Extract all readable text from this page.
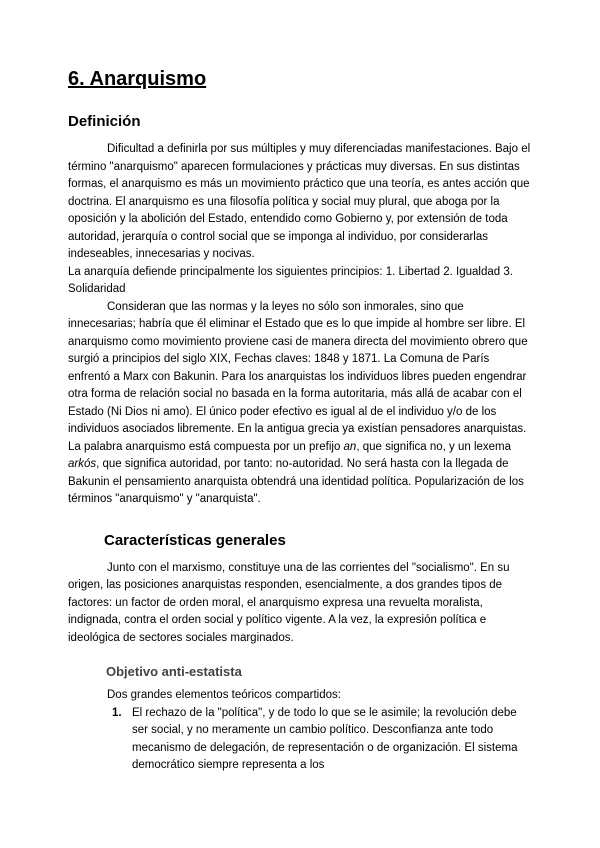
6. Anarquismo
Definición

Dificultad a definirla por sus múltiples y muy diferenciadas manifestaciones. Bajo el término "anarquismo" aparecen formulaciones y prácticas muy diversas. En sus distintas formas, el anarquismo es más un movimiento práctico que una teoría, es antes acción que doctrina. El anarquismo es una filosofía política y social muy plural, que aboga por la oposición y la abolición del Estado, entendido como Gobierno y, por extensión de toda autoridad, jerarquía o control social que se imponga al individuo, por considerarlas indeseables, innecesarias y nocivas.

La anarquía defiende principalmente los siguientes principios: 1. Libertad 2. Igualdad 3. Solidaridad

Consideran que las normas y la leyes no sólo son inmorales, sino que innecesarias; habría que él eliminar el Estado que es lo que impide al hombre ser libre. El anarquismo como movimiento proviene casi de manera directa del movimiento obrero que surgió a principios del siglo XIX, Fechas claves: 1848 y 1871. La Comuna de París enfrentó a Marx con Bakunin. Para los anarquistas los individuos libres pueden engendrar otra forma de relación social no basada en la forma autoritaria, más allá de acabar con el Estado (Ni Dios ni amo). El único poder efectivo es igual al de el individuo y/o de los individuos asociados libremente. En la antigua grecia ya existían pensadores anarquistas. La palabra anarquismo está compuesta por un prefijo an, que significa no, y un lexema arkós, que significa autoridad, por tanto: no-autoridad. No será hasta con la llegada de Bakunin el pensamiento anarquista obtendrá una identidad política. Popularización de los términos "anarquismo" y "anarquista".

Características generales

Junto con el marxismo, constituye una de las corrientes del "socialismo". En su origen, las posiciones anarquistas responden, esencialmente, a dos grandes tipos de factores: un factor de orden moral, el anarquismo expresa una revuelta moralista, indignada, contra el orden social y político vigente. A la vez, la expresión política e ideológica de sectores sociales marginados.

Objetivo anti-estatista

Dos grandes elementos teóricos compartidos:

1. El rechazo de la "política", y de todo lo que se le asimile; la revolución debe ser social, y no meramente un cambio político. Desconfianza ante todo mecanismo de delegación, de representación o de organización. El sistema democrático siempre representa a los
